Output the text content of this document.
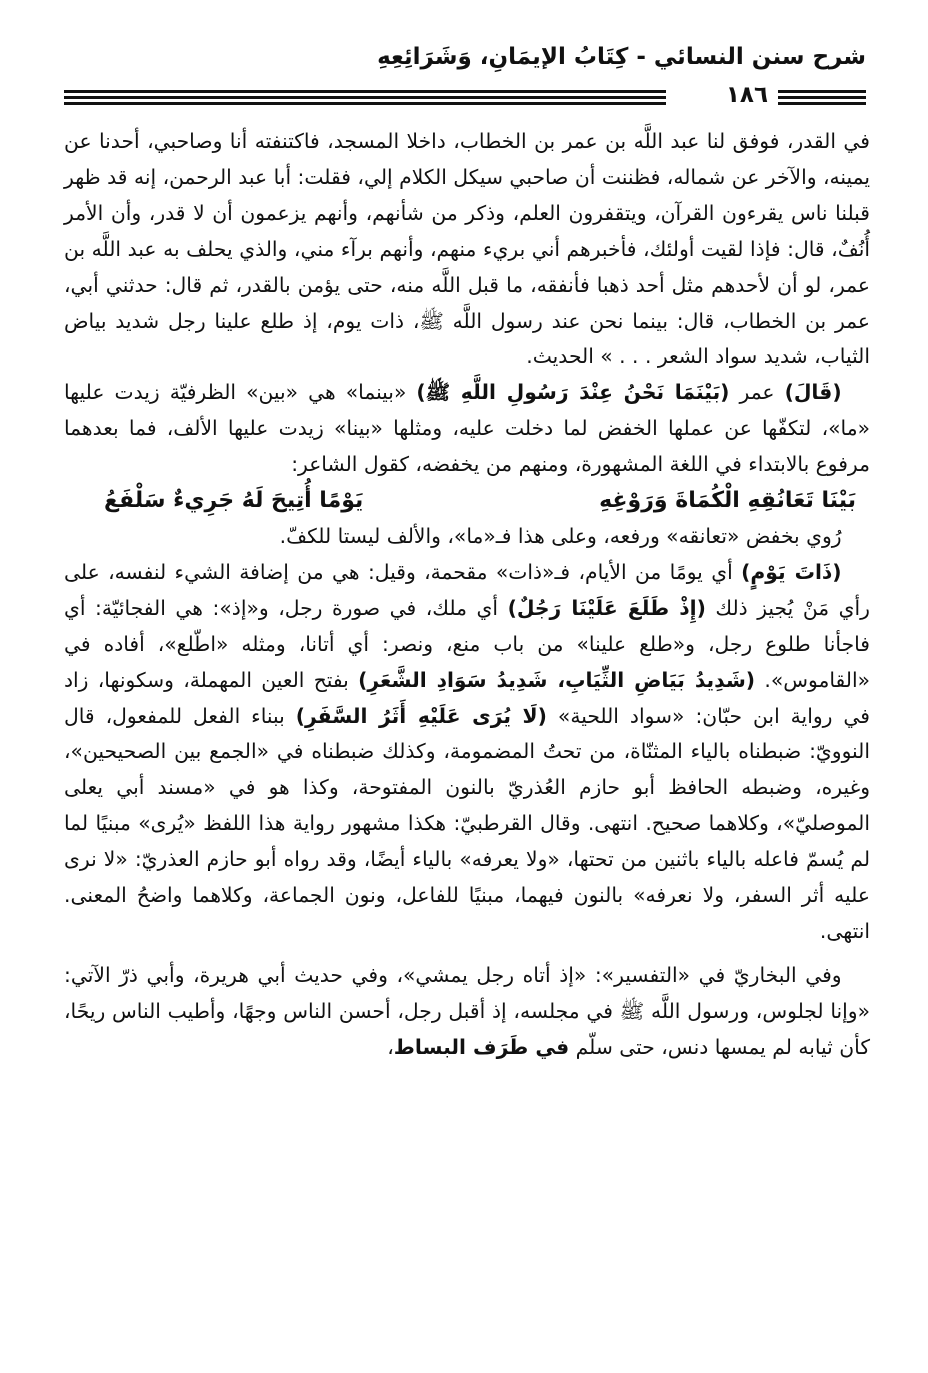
شرح سنن النسائي - كِتَابُ الإيمَانِ، وَشَرَائِعِهِ
١٨٦

في القدر، فوفق لنا عبد اللَّه بن عمر بن الخطاب، داخلا المسجد، فاكتنفته أنا وصاحبي، أحدنا عن يمينه، والآخر عن شماله، فظننت أن صاحبي سيكل الكلام إلي، فقلت: أبا عبد الرحمن، إنه قد ظهر قبلنا ناس يقرءون القرآن، ويتقفرون العلم، وذكر من شأنهم، وأنهم يزعمون أن لا قدر، وأن الأمر أُنُفٌ، قال: فإذا لقيت أولئك، فأخبرهم أني بريء منهم، وأنهم برآء مني، والذي يحلف به عبد اللَّه بن عمر، لو أن لأحدهم مثل أحد ذهبا فأنفقه، ما قبل اللَّه منه، حتى يؤمن بالقدر، ثم قال: حدثني أبي، عمر بن الخطاب، قال: بينما نحن عند رسول اللَّه ﷺ، ذات يوم، إذ طلع علينا رجل شديد بياض الثياب، شديد سواد الشعر . . . » الحديث.

(قَالَ) عمر (بَيْنَمَا نَحْنُ عِنْدَ رَسُولِ اللَّهِ ﷺ) «بينما» هي «بين» الظرفيّة زيدت عليها «ما»، لتكفّها عن عملها الخفض لما دخلت عليه، ومثلها «بينا» زيدت عليها الألف، فما بعدهما مرفوع بالابتداء في اللغة المشهورة، ومنهم من يخفضه، كقول الشاعر:

بَيْنَا تَعَانُقِهِ الْكُمَاةَ وَرَوْغِهِ
يَوْمًا أُتِيحَ لَهُ جَرِيءٌ سَلْفَعُ

رُوي بخفض «تعانقه» ورفعه، وعلى هذا فـ«ما»، والألف ليستا للكفّ.

(ذَاتَ يَوْمٍ) أي يومًا من الأيام، فـ«ذات» مقحمة، وقيل: هي من إضافة الشيء لنفسه، على رأي مَنْ يُجيز ذلك (إِذْ طَلَعَ عَلَيْنَا رَجُلٌ) أي ملك، في صورة رجل، و«إذ»: هي الفجائيّة: أي فاجأنا طلوع رجل، و«طلع علينا» من باب منع، ونصر: أي أتانا، ومثله «اطّلع»، أفاده في «القاموس». (شَدِيدُ بَيَاضِ الثِّيَابِ، شَدِيدُ سَوَادِ الشَّعَرِ) بفتح العين المهملة، وسكونها، زاد في رواية ابن حبّان: «سواد اللحية» (لَا يُرَى عَلَيْهِ أَثَرُ السَّفَرِ) ببناء الفعل للمفعول، قال النوويّ: ضبطناه بالياء المثنّاة، من تحتُ المضمومة، وكذلك ضبطناه في «الجمع بين الصحيحين»، وغيره، وضبطه الحافظ أبو حازم العُذريّ بالنون المفتوحة، وكذا هو في «مسند أبي يعلى الموصليّ»، وكلاهما صحيح. انتهى. وقال القرطبيّ: هكذا مشهور رواية هذا اللفظ «يُرى» مبنيًا لما لم يُسمّ فاعله بالياء باثنين من تحتها، «ولا يعرفه» بالياء أيضًا، وقد رواه أبو حازم العذريّ: «لا نرى عليه أثر السفر، ولا نعرفه» بالنون فيهما، مبنيًا للفاعل، ونون الجماعة، وكلاهما واضحُ المعنى. انتهى.

وفي البخاريّ في «التفسير»: «إذ أتاه رجل يمشي»، وفي حديث أبي هريرة، وأبي ذرّ الآتي: «وإنا لجلوس، ورسول اللَّه ﷺ في مجلسه، إذ أقبل رجل، أحسن الناس وجهًا، وأطيب الناس ريحًا، كأن ثيابه لم يمسها دنس، حتى سلّم في طَرَف البساط،
